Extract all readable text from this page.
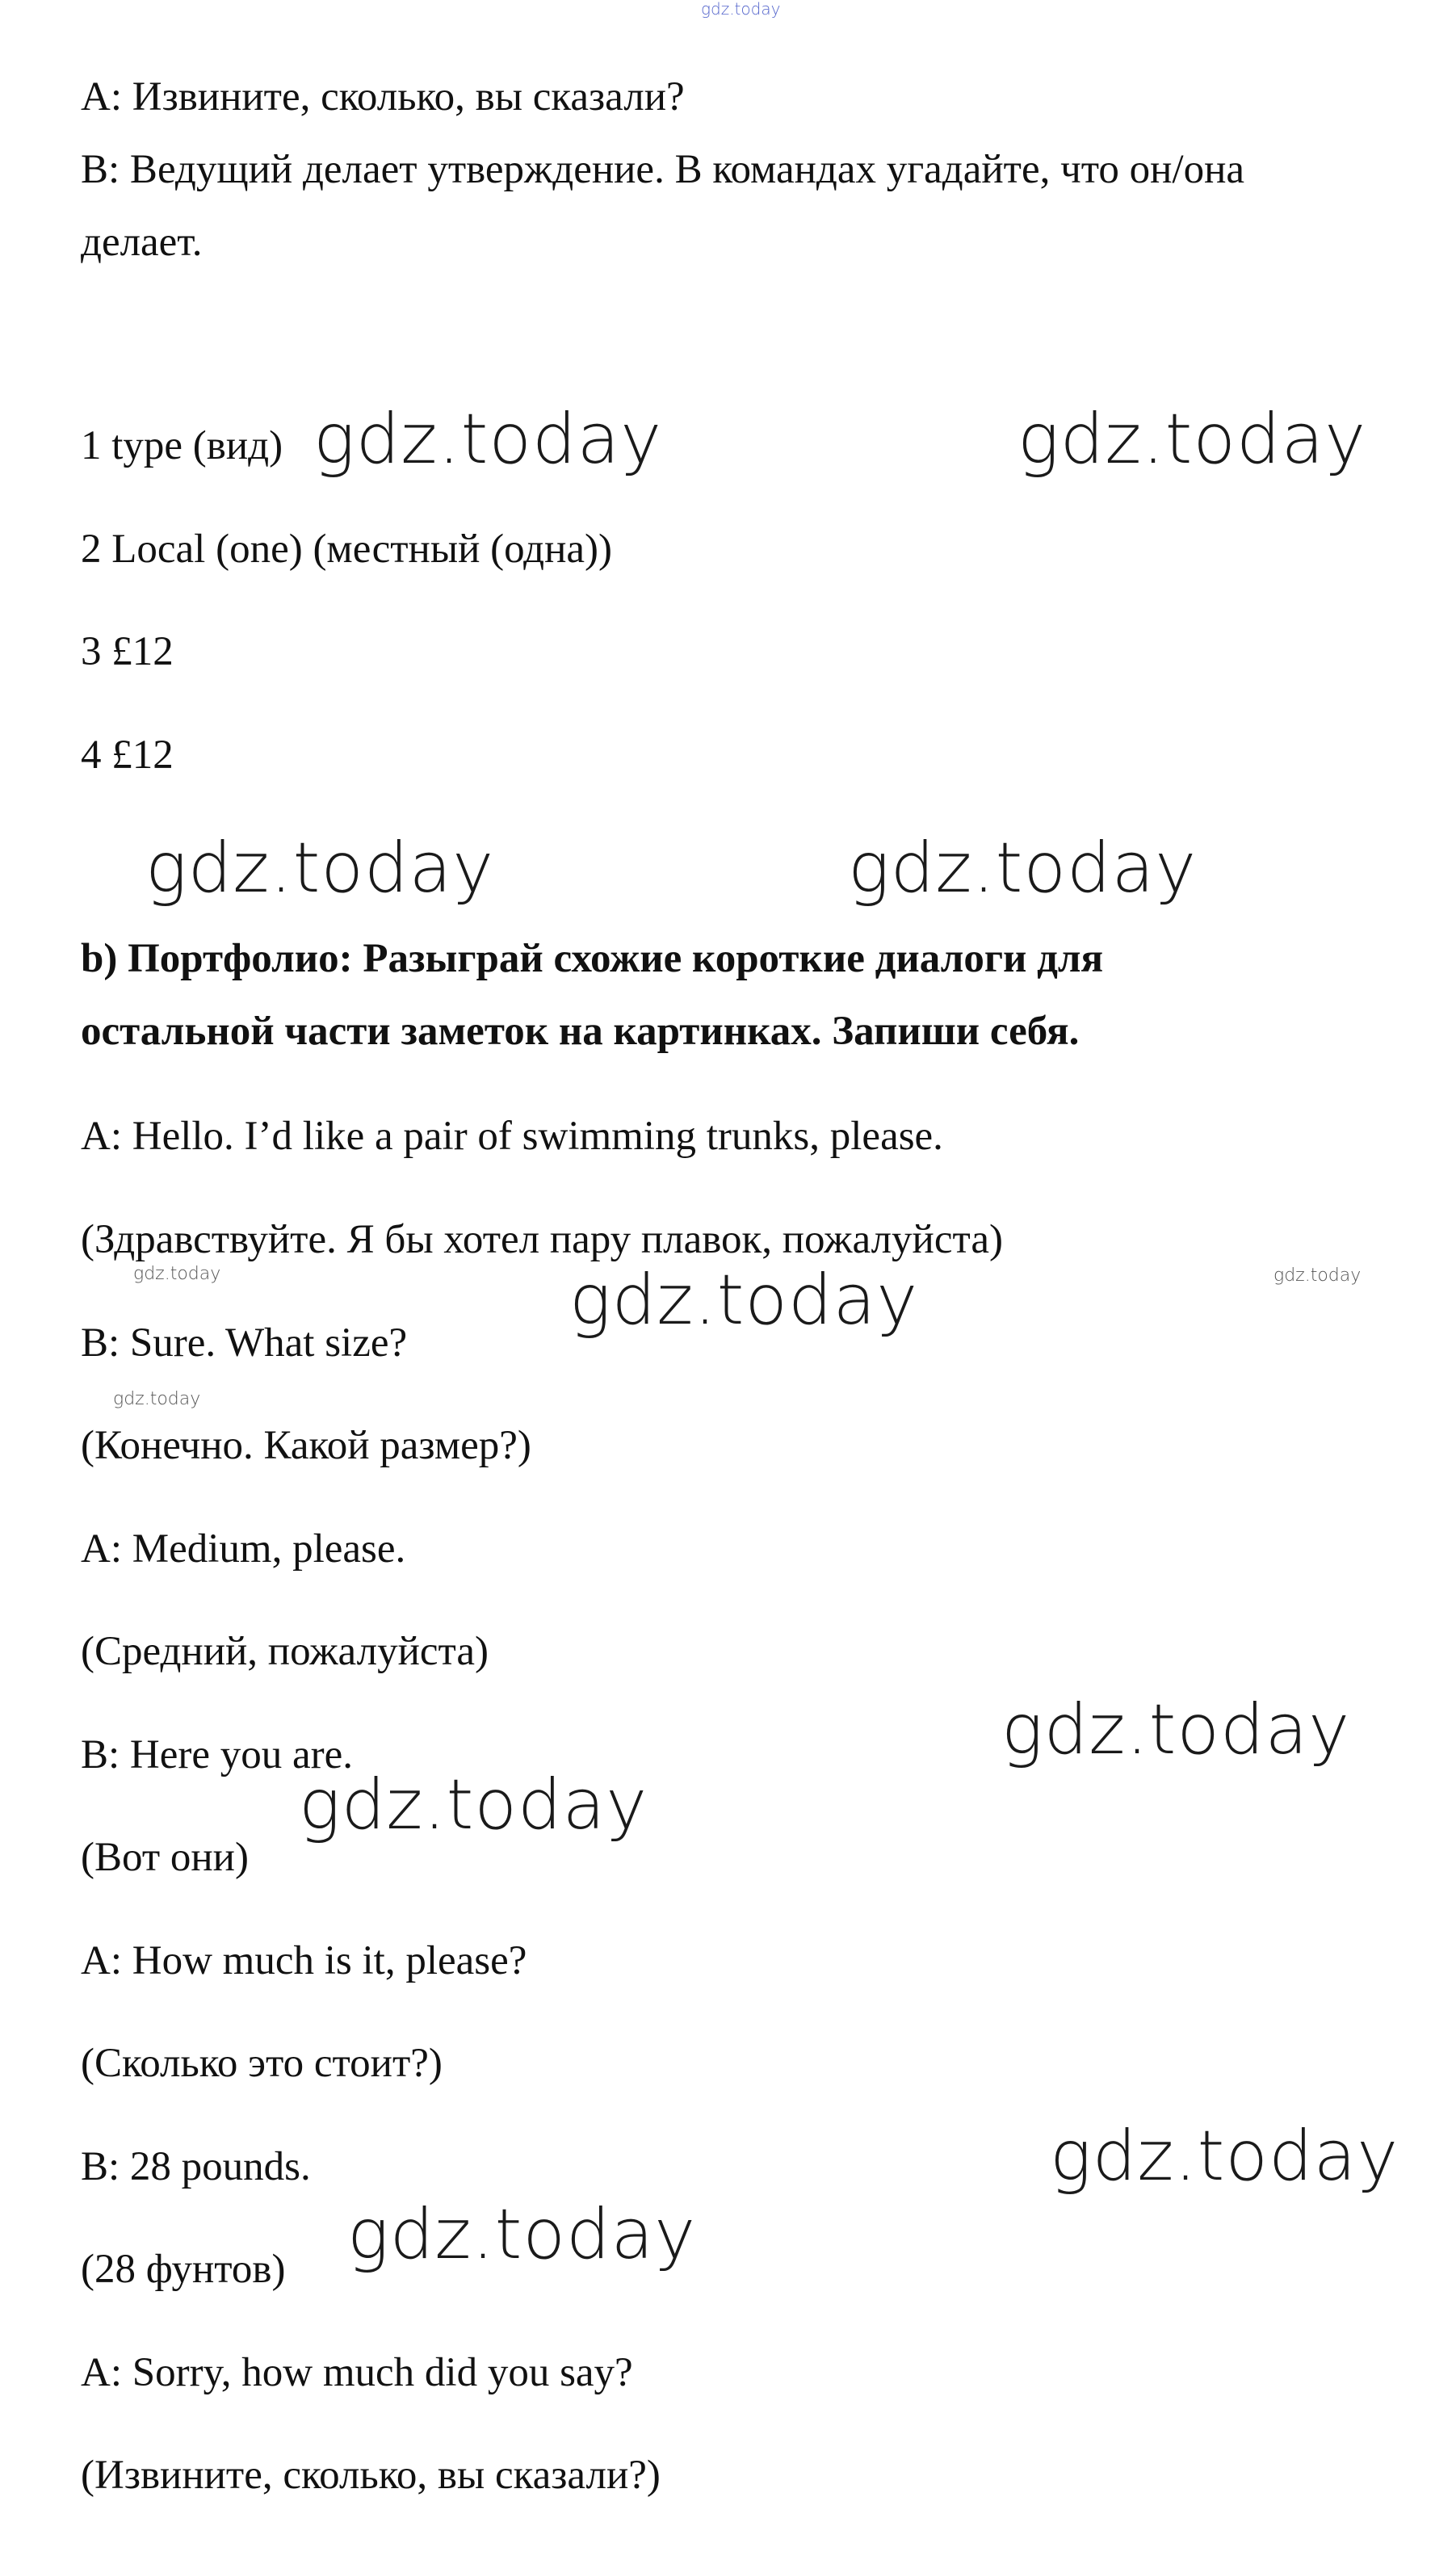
gdz.today
A: Извините, сколько, вы сказали?
B: Ведущий делает утверждение. В командах угадайте, что он/она
делает.
1 type (вид)
2 Local (one) (местный (одна))
3 £12
4 £12
b) Портфолио: Разыграй схожие короткие диалоги для
остальной части заметок на картинках. Запиши себя.
A: Hello. I’d like a pair of swimming trunks, please.
(Здравствуйте. Я бы хотел пару плавок, пожалуйста)
B: Sure. What size?
(Конечно. Какой размер?)
A: Medium, please.
(Средний, пожалуйста)
B: Here you are.
(Вот они)
A: How much is it, please?
(Сколько это стоит?)
B: 28 pounds.
(28 фунтов)
A: Sorry, how much did you say?
(Извините, сколько, вы сказали?)
gdz.today	gdz.today
gdz.today	gdz.today
gdz.today
gdz.today
gdz.today
gdz.today
gdz.today
gdz.today	gdz.today
gdz.today
